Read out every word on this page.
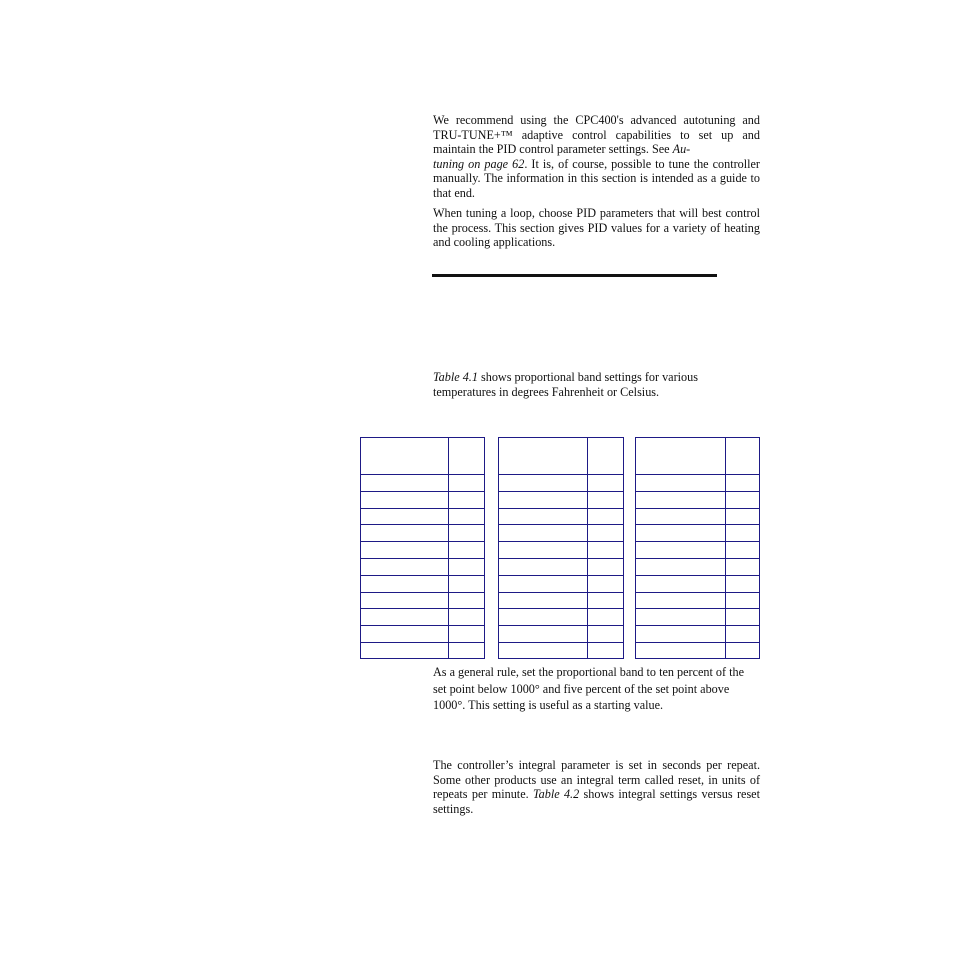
We recommend using the CPC400's advanced autotuning and TRU-TUNE+™ adaptive control capabilities to set up and maintain the PID control parameter settings. See Au-
tuning on page 62. It is, of course, possible to tune the controller manually. The information in this section is intended as a guide to that end.

When tuning a loop, choose PID parameters that will best control the process. This section gives PID values for a variety of heating and cooling applications.

Table 4.1 shows proportional band settings for various temperatures in degrees Fahrenheit or Celsius.

As a general rule, set the proportional band to ten percent of the set point below 1000° and five percent of the set point above 1000°. This setting is useful as a starting value.

The controller’s integral parameter is set in seconds per repeat. Some other products use an integral term called reset, in units of repeats per minute. Table 4.2 shows integral settings versus reset settings.
